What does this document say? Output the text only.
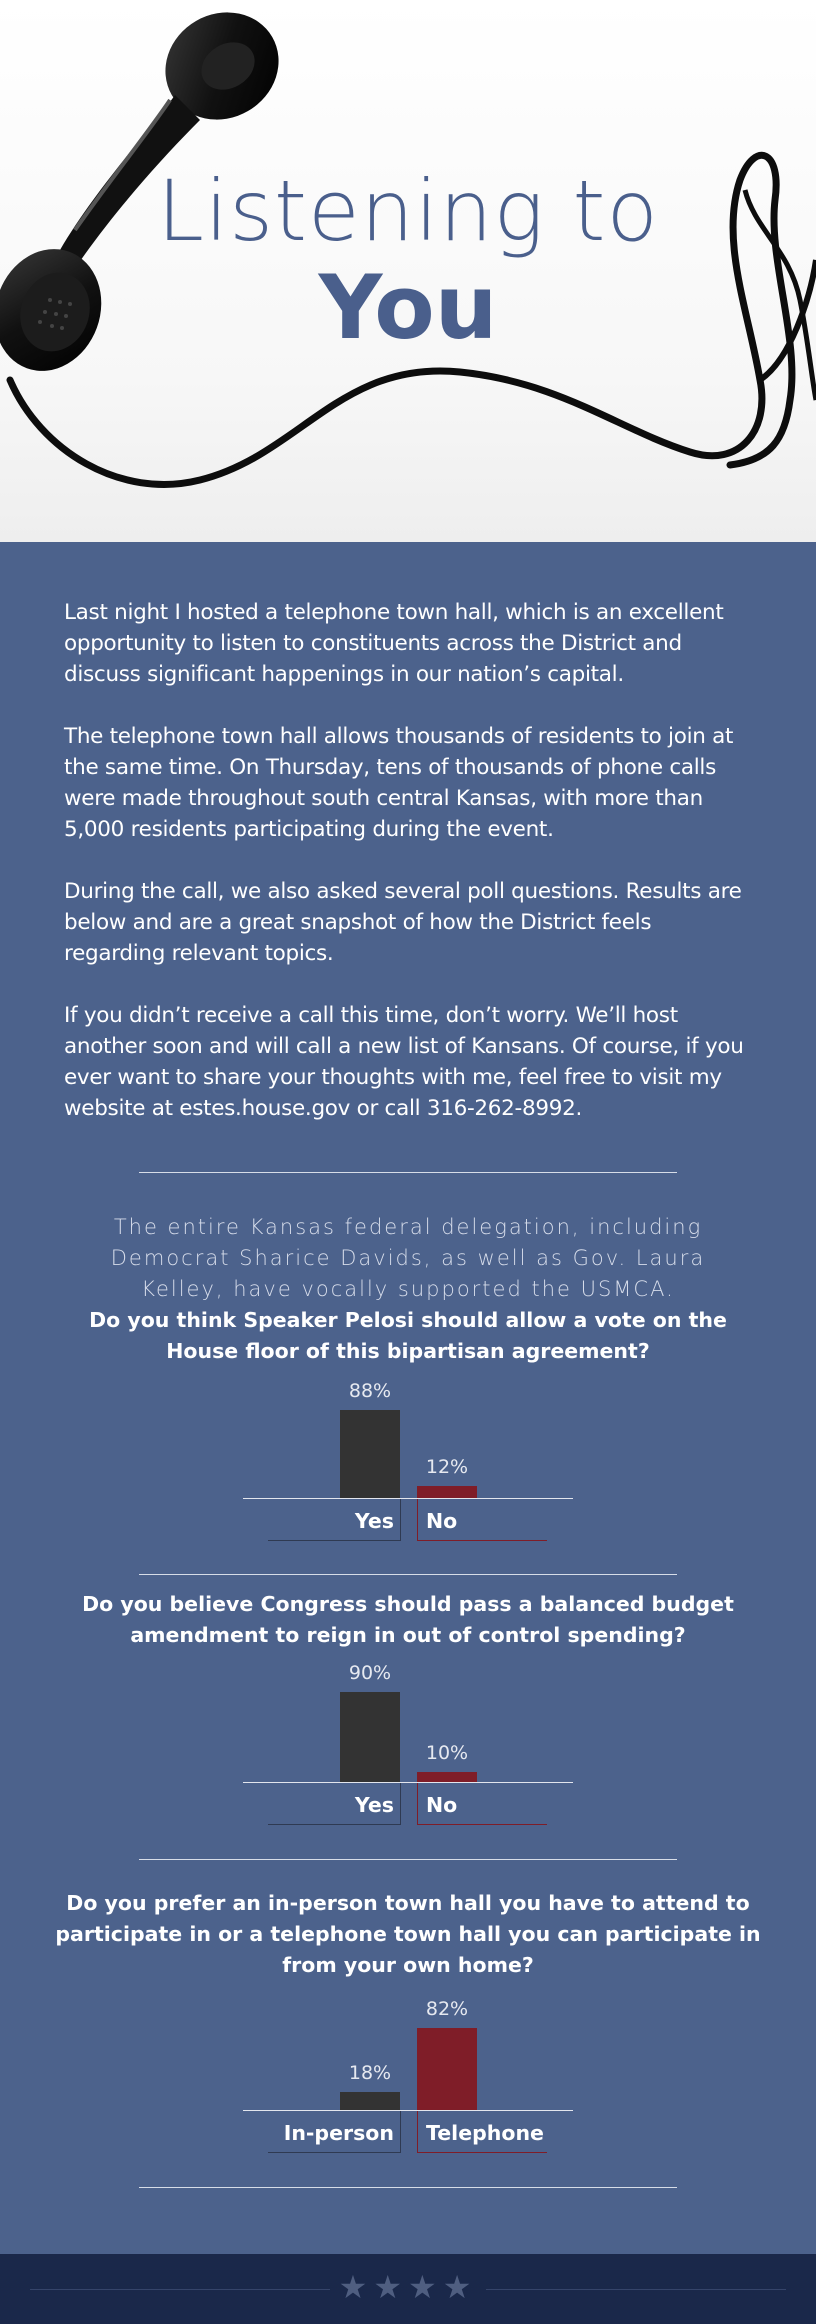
Listening to
You

Last night I hosted a telephone town hall, which is an excellent opportunity to listen to constituents across the District and discuss significant happenings in our nation’s capital.

The telephone town hall allows thousands of residents to join at the same time. On Thursday, tens of thousands of phone calls were made throughout south central Kansas, with more than 5,000 residents participating during the event.

During the call, we also asked several poll questions. Results are below and are a great snapshot of how the District feels regarding relevant topics.

If you didn’t receive a call this time, don’t worry. We’ll host another soon and will call a new list of Kansans. Of course, if you ever want to share your thoughts with me, feel free to visit my website at estes.house.gov or call 316-262-8992.

The entire Kansas federal delegation, including Democrat Sharice Davids, as well as Gov. Laura Kelley, have vocally supported the USMCA.

Do you think Speaker Pelosi should allow a vote on the House floor of this bipartisan agreement?

88%
Yes
12%
No

Do you believe Congress should pass a balanced budget amendment to reign in out of control spending?

90%
Yes
10%
No

Do you prefer an in-person town hall you have to attend to participate in or a telephone town hall you can participate in from your own home?

18%
In-person
82%
Telephone
★★★★
